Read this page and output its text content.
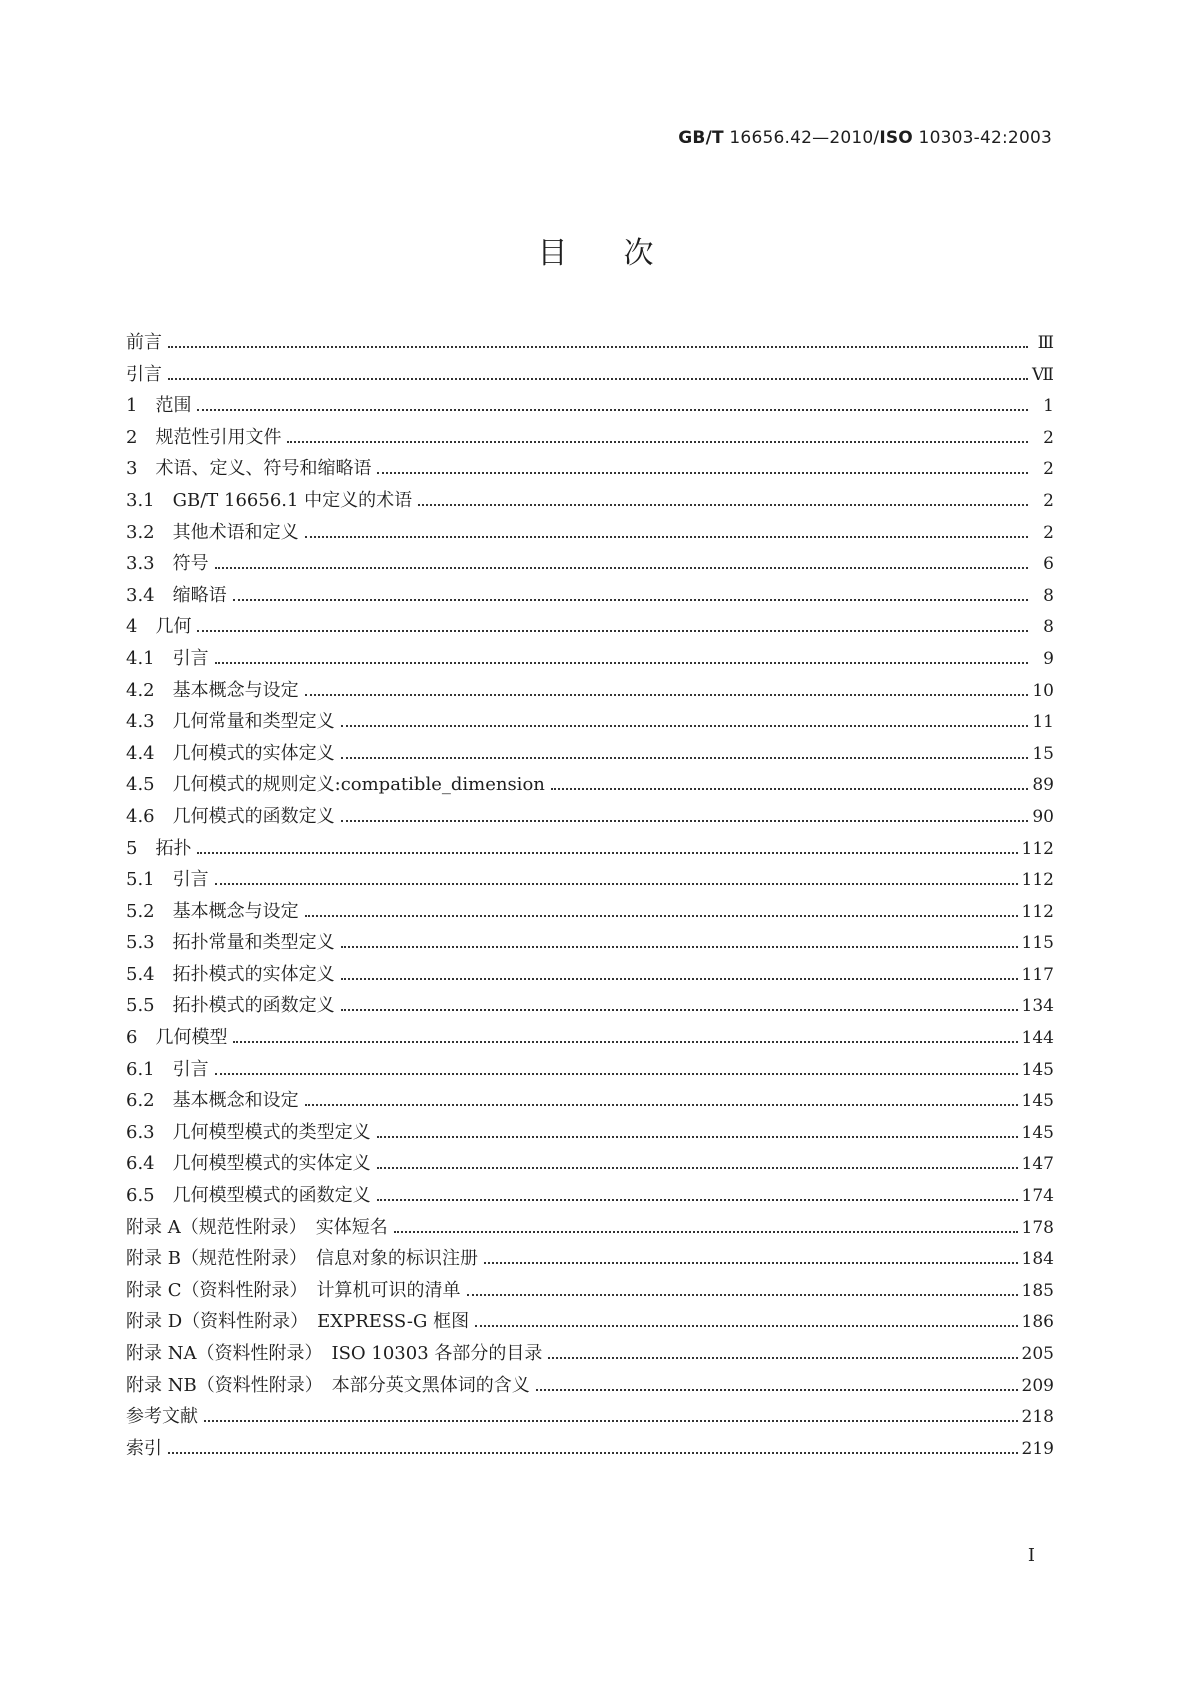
GB/T 16656.42—2010/ISO 10303-42:2003
目次
前言	Ⅲ
引言	Ⅶ
1　范围	1
2　规范性引用文件	2
3　术语、定义、符号和缩略语	2
3.1　GB/T 16656.1 中定义的术语	2
3.2　其他术语和定义	2
3.3　符号	6
3.4　缩略语	8
4　几何	8
4.1　引言	9
4.2　基本概念与设定	10
4.3　几何常量和类型定义	11
4.4　几何模式的实体定义	15
4.5　几何模式的规则定义:compatible_dimension	89
4.6　几何模式的函数定义	90
5　拓扑	112
5.1　引言	112
5.2　基本概念与设定	112
5.3　拓扑常量和类型定义	115
5.4　拓扑模式的实体定义	117
5.5　拓扑模式的函数定义	134
6　几何模型	144
6.1　引言	145
6.2　基本概念和设定	145
6.3　几何模型模式的类型定义	145
6.4　几何模型模式的实体定义	147
6.5　几何模型模式的函数定义	174
附录 A（规范性附录）　实体短名	178
附录 B（规范性附录）　信息对象的标识注册	184
附录 C（资料性附录）　计算机可识的清单	185
附录 D（资料性附录）　EXPRESS-G 框图	186
附录 NA（资料性附录）　ISO 10303 各部分的目录	205
附录 NB（资料性附录）　本部分英文黑体词的含义	209
参考文献	218
索引	219
I
